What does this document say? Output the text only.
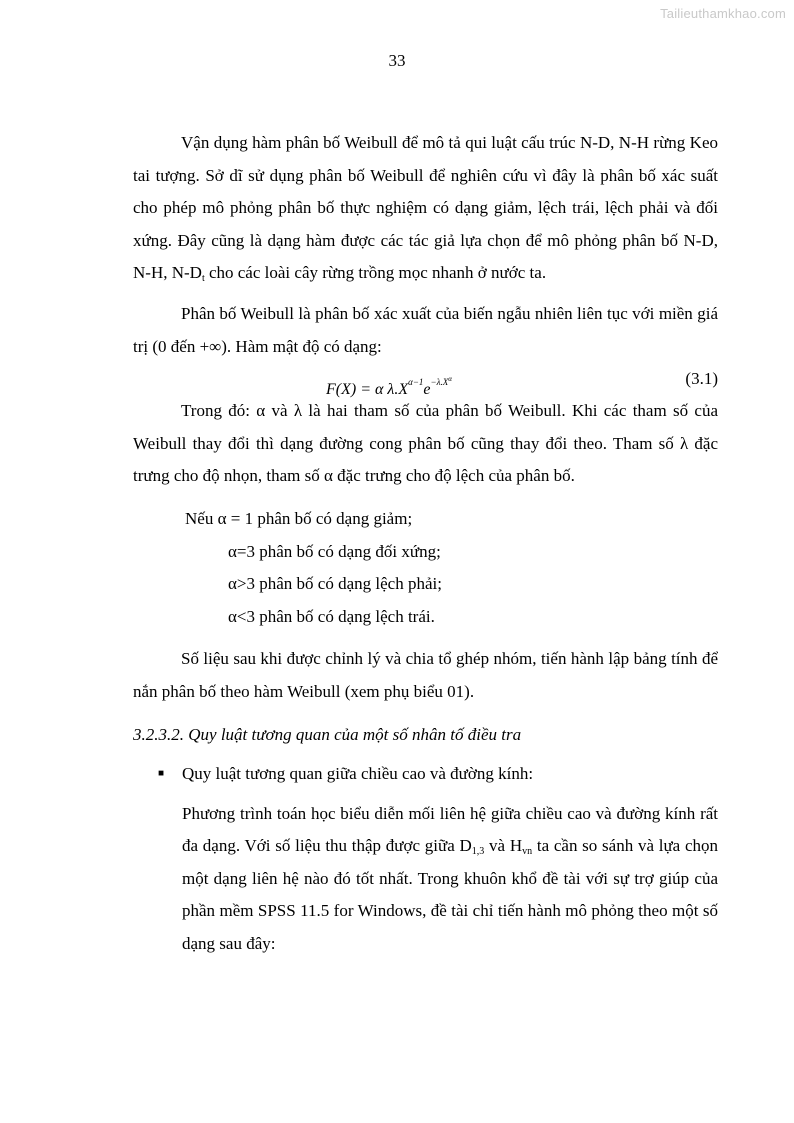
Tailieuthamkhao.com
33

Vận dụng hàm phân bố Weibull để mô tả qui luật cấu trúc N-D, N-H rừng Keo tai tượng. Sở dĩ sử dụng phân bố Weibull để nghiên cứu vì đây là phân bố xác suất cho phép mô phỏng phân bố thực nghiệm có dạng giảm, lệch trái, lệch phải và đối xứng. Đây cũng là dạng hàm được các tác giả lựa chọn để mô phỏng phân bố N-D, N-H, $N-D_t$ cho các loài cây rừng trồng mọc nhanh ở nước ta.

Phân bố Weibull là phân bố xác xuất của biến ngẫu nhiên liên tục với miền giá trị (0 đến +∞). Hàm mật độ có dạng:

F(X) = α $\lambda.X^{\alpha-1}e^{-\lambda.X\alpha}$	(3.1)

Trong đó: α và λ là hai tham số của phân bố Weibull. Khi các tham số của Weibull thay đổi thì dạng đường cong phân bố cũng thay đổi theo. Tham số λ đặc trưng cho độ nhọn, tham số α đặc trưng cho độ lệch của phân bố.

Nếu α = 1 phân bố có dạng giảm;

α=3 phân bố có dạng đối xứng;

α>3 phân bố có dạng lệch phải;

α<3 phân bố có dạng lệch trái.

Số liệu sau khi được chỉnh lý và chia tổ ghép nhóm, tiến hành lập bảng tính để nắn phân bố theo hàm Weibull (xem phụ biểu 01).

3.2.3.2. Quy luật tương quan của một số nhân tố điều tra

■ Quy luật tương quan giữa chiều cao và đường kính:

Phương trình toán học biểu diễn mối liên hệ giữa chiều cao và đường kính rất đa dạng. Với số liệu thu thập được giữa $D_{1,3}$ và $H_{vn}$ ta cần so sánh và lựa chọn một dạng liên hệ nào đó tốt nhất. Trong khuôn khổ đề tài với sự trợ giúp của phần mềm SPSS 11.5 for Windows, đề tài chỉ tiến hành mô phỏng theo một số dạng sau đây:
